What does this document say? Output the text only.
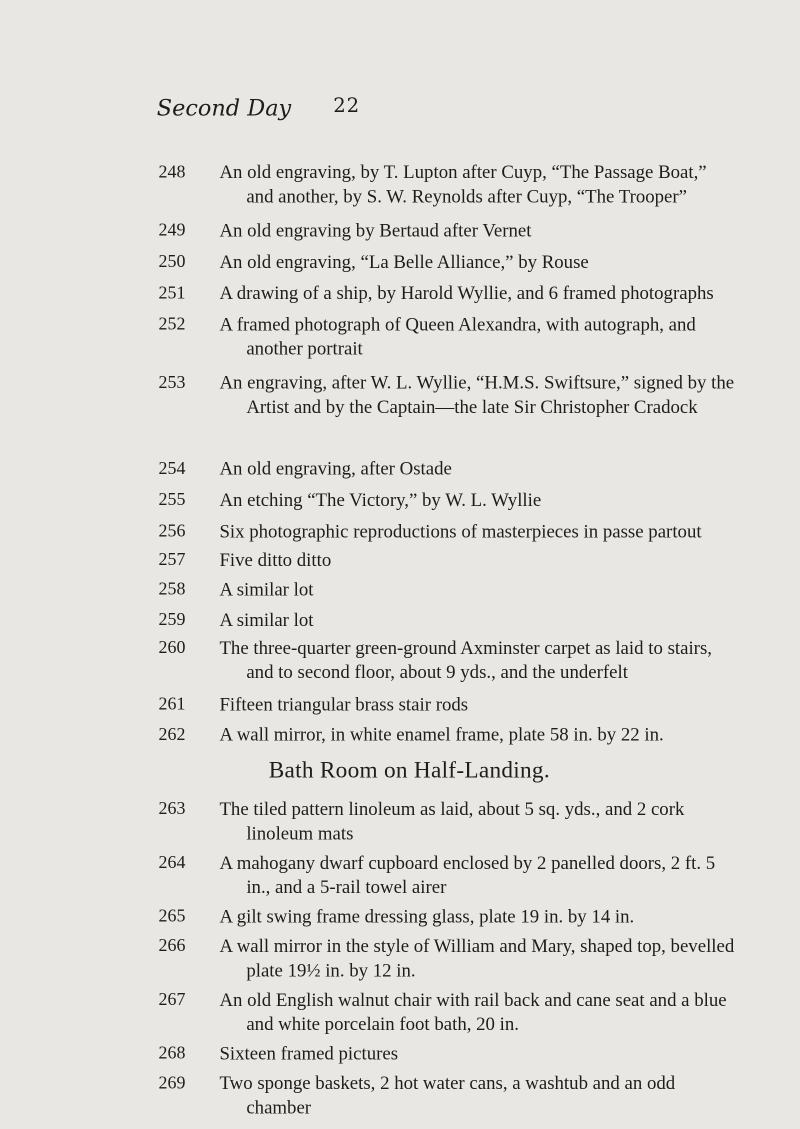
Second Day 22
248 An old engraving, by T. Lupton after Cuyp, “The Passage Boat,” and another, by S. W. Reynolds after Cuyp, “The Trooper”
249 An old engraving by Bertaud after Vernet
250 An old engraving, “La Belle Alliance,” by Rouse
251 A drawing of a ship, by Harold Wyllie, and 6 framed photographs
252 A framed photograph of Queen Alexandra, with autograph, and another portrait
253 An engraving, after W. L. Wyllie, “H.M.S. Swiftsure,” signed by the Artist and by the Captain—the late Sir Christopher Cradock
254 An old engraving, after Ostade
255 An etching “The Victory,” by W. L. Wyllie
256 Six photographic reproductions of masterpieces in passe partout
257 Five ditto ditto
258 A similar lot
259 A similar lot
260 The three-quarter green-ground Axminster carpet as laid to stairs, and to second floor, about 9 yds., and the underfelt
261 Fifteen triangular brass stair rods
262 A wall mirror, in white enamel frame, plate 58 in. by 22 in.
Bath Room on Half-Landing.
263 The tiled pattern linoleum as laid, about 5 sq. yds., and 2 cork linoleum mats
264 A mahogany dwarf cupboard enclosed by 2 panelled doors, 2 ft. 5 in., and a 5-rail towel airer
265 A gilt swing frame dressing glass, plate 19 in. by 14 in.
266 A wall mirror in the style of William and Mary, shaped top, bevelled plate 19½ in. by 12 in.
267 An old English walnut chair with rail back and cane seat and a blue and white porcelain foot bath, 20 in.
268 Sixteen framed pictures
269 Two sponge baskets, 2 hot water cans, a washtub and an odd chamber
